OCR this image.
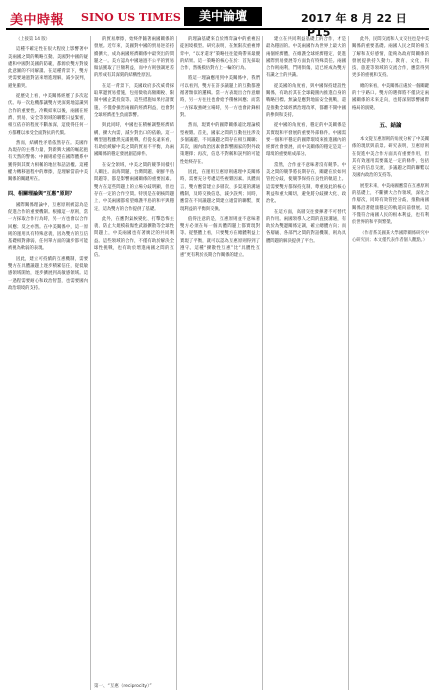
美中時報 SINO US TIMES	美中論壇	2017 年 8 月 22 日P15

（上接第 14 版）

這種不確定性在很大程度上影響著中美兩國之間的戰略互動。美國對中國的疑慮和中國對美國的防範，都源於雙方對彼此意圖的不同解讀。在這種背景下，雙方更需要通過對話來增進理解，減少誤判，避免衝突。

從歷史上看，中美關係經歷了多次起伏。每一次危機都讓雙方更深刻地認識到合作的重要性。冷戰結束以後，兩國在經濟、貿易、安全等領域的聯繫日益緊密，相互依存的程度不斷加深，這使得任何一方都難以承受全面對抗的代價。

然而，結構性矛盾依然存在。美國作為現存的主導力量，對新興大國的崛起抱有天然的警惕；中國則希望在國際體系中獲得與其實力相稱的地位和話語權。這種權力轉移過程中的摩擦，是理解當前中美關係的關鍵所在。

四、相關理論與“互惠”原則？

國際關係理論中，互惠原則被認為是促進合作的重要機制。根據這一原則，當一方採取合作行為時，另一方也會以合作回應；反之亦然。在中美關係中，這一原則的運用具有特殊意義，因為雙方的互信基礎相對薄弱，任何單方面的讓步都可能被視為軟弱的表現。

因此，建立可持續的互惠機制，需要雙方在具體議題上逐步積累信任，從低敏感領域開始，逐步擴展到高敏感領域。這一過程需要耐心和政治智慧，也需要國內政治環境的支持。

的貿易摩擦，始終伴隨著兩國關係的發展。近年來，美國對中國的貿易逆差持續擴大，成為兩國經濟關係中最突出的問題之一。美方認為中國通過不公平的貿易做法獲取了巨額利益，而中方則強調逆差的形成有其深刻的結構性原因。

在這一背景下，美國政府多次威脅採取單邊貿易措施，包括徵收高額關稅、限制中國企業投資等。這些措施如果付諸實施，不僅會損害兩國的經濟利益，也會對全球經濟產生負面影響。

與此同時，中國也在積極調整經濟結構，擴大內需，減少對出口的依賴。這一轉型過程雖然充滿挑戰，但從長遠來看，有助於緩解中美之間的貿易不平衡，為兩國關係的穩定發展創造條件。

在安全領域，中美之間的競爭同樣引人關注。南海問題、台灣問題、朝鮮半島問題等，都是影響兩國關係的重要因素。雙方在這些問題上的立場分歧明顯，但也存在一定的合作空間。特別是在朝核問題上，中美兩國都希望維護半島的和平與穩定，這為雙方的合作提供了基礎。

此外，在應對氣候變化、打擊恐怖主義、防止大規模殺傷性武器擴散等全球性問題上，中美兩國也有著廣泛的共同利益。這些領域的合作，不僅有助於解決全球性挑戰，也有助於增進兩國之間的互信。

的理論基礎來自於博弈論中的重複囚徒困境模型。研究表明，在無限次重複博弈中，“以牙還牙”策略往往能夠帶來最優的結果。這一策略的核心在於：首先採取合作，然後模仿對方上一輪的行為。

將這一理論應用到中美關係中，我們可以看到，雙方在許多議題上的互動都遵循著類似的邏輯。當一方表現出合作意願時，另一方往往也會給予積極回應；而當一方採取強硬立場時，另一方也會針鋒相對。

然而，現實中的國際關係遠比理論模型複雜。首先，國家之間的互動往往涉及多個議題，不同議題之間存在相互關聯；其次，國內政治因素會影響國家的對外政策選擇；再次，信息不對稱和誤判的可能性始終存在。

因此，在運用互惠原則處理中美關係時，需要充分考慮這些複雜因素。具體而言，雙方應當建立多層次、多渠道的溝通機制，及時交換信息，減少誤判；同時，應當在不同議題之間建立適當的聯繫，實現利益的平衡與交換。

值得注意的是，互惠原則並不意味著雙方必須在每一個具體問題上都實現對等。從整體上看，只要雙方在總體利益上實現了平衡，就可以認為互惠原則得到了遵守。這種“擴散性互惠”比“具體性互惠”更有利於長期合作關係的建立。

建立在共同利益基礎上的合作，才是最為穩固的。中美兩國作為世界上最大的兩個經濟體，在維護全球經濟穩定、促進國際貿易發展等方面負有特殊責任。兩國合作則兩利，鬥則俱傷，這已經成為雙方有識之士的共識。

從美國的角度看，與中國保持建設性關係，有助於其在全球範圍內推進自身的戰略目標。無論是應對地區安全挑戰，還是推動全球經濟治理改革，都離不開中國的參與和支持。

從中國的角度看，穩定的中美關係是其實現和平發展的重要外部條件。中國需要一個和平穩定的國際環境來推進國內的經濟社會發展，而中美關係的穩定是這一環境的重要組成部分。

當然，合作並不意味著沒有競爭。中美之間的競爭將長期存在，關鍵在於如何管控分歧，使競爭保持在良性的軌道上。這需要雙方都保持克制，尊重彼此的核心利益和重大關切，避免將分歧擴大化、政治化。

在這方面，高層交往發揮著不可替代的作用。兩國領導人之間的直接溝通，有助於為雙邊關係定調，確立總體方向；而各層級、各部門之間的對話機制，則為具體問題的解決提供了平台。

此外，民間交流和人文交往也是中美關係的重要基礎。兩國人民之間的相互了解和友好感情，能夠為政府間關係的發展提供持久動力。教育、文化、科技、旅遊等領域的交流合作，應當得到更多的重視和支持。

總的來看，中美關係正處於一個關鍵的十字路口。雙方的選擇將不僅決定兩國關係的未來走向，也將深刻影響國際格局的演變。

五、結論

本文從互惠原則的角度分析了中美關係的現狀與前景。研究表明，互惠原則在促進中美合作方面具有重要作用，但其有效運用需要滿足一定的條件，包括充分的信息交流、多議題之間的聯繫以及國內政治的支持等。

展望未來，中美兩國應當在互惠原則的基礎上，不斷擴大合作領域，深化合作層次，同時有效管控分歧，推動兩國關係沿著健康穩定的軌道向前發展。這不僅符合兩國人民的根本利益，也有利於世界的和平與繁榮。

（作者系美國某大學國際關係研究中心研究員；本文僅代表作者個人觀點。）

第一、“互惠（reciprocity）”
